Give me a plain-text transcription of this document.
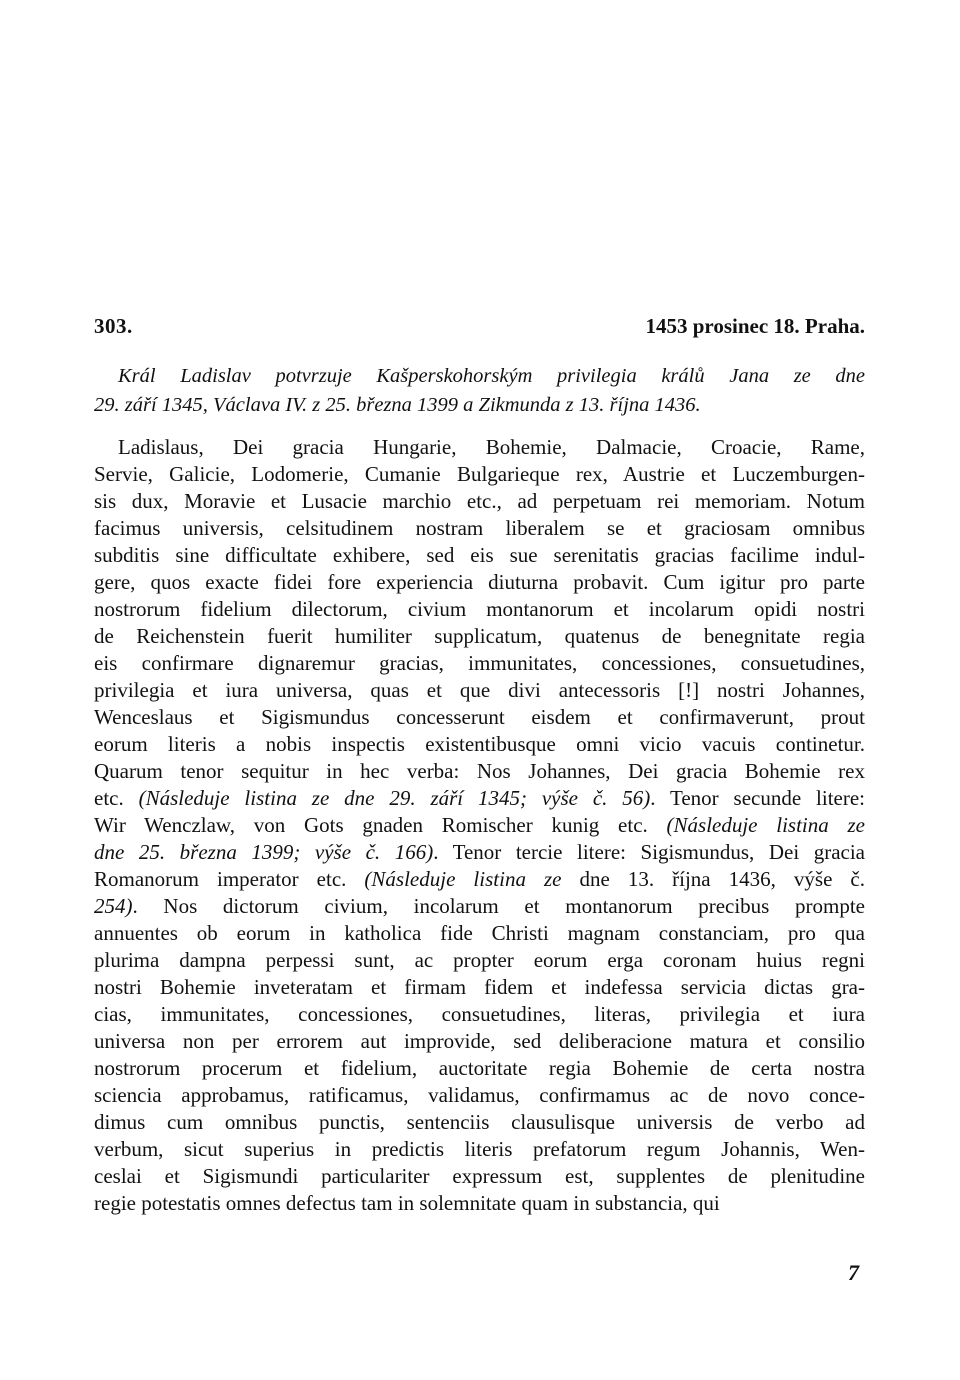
303.	1453 prosinec 18. Praha.
Král Ladislav potvrzuje Kašperskohorským privilegia králů Jana ze dne
29. září 1345, Václava IV. z 25. března 1399 a Zikmunda z 13. října 1436.
Ladislaus, Dei gracia Hungarie, Bohemie, Dalmacie, Croacie, Rame,
Servie, Galicie, Lodomerie, Cumanie Bulgarieque rex, Austrie et Luczemburgen-
sis dux, Moravie et Lusacie marchio etc., ad perpetuam rei memoriam. Notum
facimus universis, celsitudinem nostram liberalem se et graciosam omnibus
subditis sine difficultate exhibere, sed eis sue serenitatis gracias facilime indul-
gere, quos exacte fidei fore experiencia diuturna probavit. Cum igitur pro parte
nostrorum fidelium dilectorum, civium montanorum et incolarum opidi nostri
de Reichenstein fuerit humiliter supplicatum, quatenus de benegnitate regia
eis confirmare dignaremur gracias, immunitates, concessiones, consuetudines,
privilegia et iura universa, quas et que divi antecessoris [!] nostri Johannes,
Wenceslaus et Sigismundus concesserunt eisdem et confirmaverunt, prout
eorum literis a nobis inspectis existentibusque omni vicio vacuis continetur.
Quarum tenor sequitur in hec verba: Nos Johannes, Dei gracia Bohemie rex
etc. (Následuje listina ze dne 29. září 1345; výše č. 56). Tenor secunde litere:
Wir Wenczlaw, von Gots gnaden Romischer kunig etc. (Následuje listina ze
dne 25. března 1399; výše č. 166). Tenor tercie litere: Sigismundus, Dei gracia
Romanorum imperator etc. (Následuje listina ze dne 13. října 1436, výše č.
254). Nos dictorum civium, incolarum et montanorum precibus prompte
annuentes ob eorum in katholica fide Christi magnam constanciam, pro qua
plurima dampna perpessi sunt, ac propter eorum erga coronam huius regni
nostri Bohemie inveteratam et firmam fidem et indefessa servicia dictas gra-
cias, immunitates, concessiones, consuetudines, literas, privilegia et iura
universa non per errorem aut improvide, sed deliberacione matura et consilio
nostrorum procerum et fidelium, auctoritate regia Bohemie de certa nostra
sciencia approbamus, ratificamus, validamus, confirmamus ac de novo conce-
dimus cum omnibus punctis, sentenciis clausulisque universis de verbo ad
verbum, sicut superius in predictis literis prefatorum regum Johannis, Wen-
ceslai et Sigismundi particulariter expressum est, supplentes de plenitudine
regie potestatis omnes defectus tam in solemnitate quam in substancia, qui
7
